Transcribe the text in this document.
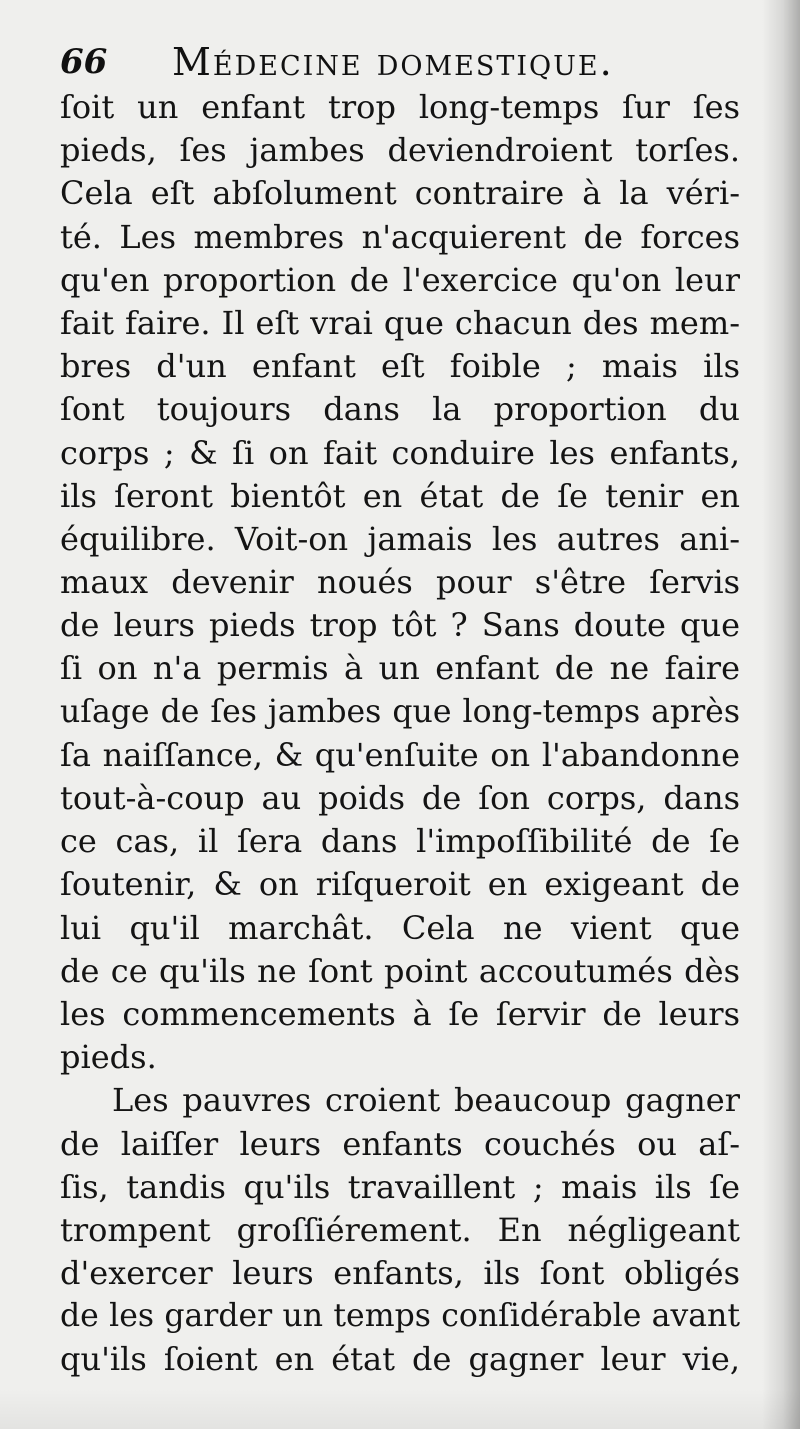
66 Médecine domestique.
ſoit un enfant trop long-temps ſur ſes
pieds, ſes jambes deviendroient torſes.
Cela eſt abſolument contraire à la véri-
té. Les membres n'acquierent de forces
qu'en proportion de l'exercice qu'on leur
fait faire. Il eſt vrai que chacun des mem-
bres d'un enfant eſt foible ; mais ils
ſont toujours dans la proportion du
corps ; & ſi on fait conduire les enfants,
ils ſeront bientôt en état de ſe tenir en
équilibre. Voit-on jamais les autres ani-
maux devenir noués pour s'être ſervis
de leurs pieds trop tôt ? Sans doute que
ſi on n'a permis à un enfant de ne faire
uſage de ſes jambes que long-temps après
ſa naiſſance, & qu'enſuite on l'abandonne
tout-à-coup au poids de ſon corps, dans
ce cas, il ſera dans l'impoſſibilité de ſe
ſoutenir, & on riſqueroit en exigeant de
lui qu'il marchât. Cela ne vient que
de ce qu'ils ne ſont point accoutumés dès
les commencements à ſe ſervir de leurs
pieds.
Les pauvres croient beaucoup gagner
de laiſſer leurs enfants couchés ou aſ-
ſis, tandis qu'ils travaillent ; mais ils ſe
trompent groſſiérement. En négligeant
d'exercer leurs enfants, ils ſont obligés
de les garder un temps conſidérable avant
qu'ils ſoient en état de gagner leur vie,
